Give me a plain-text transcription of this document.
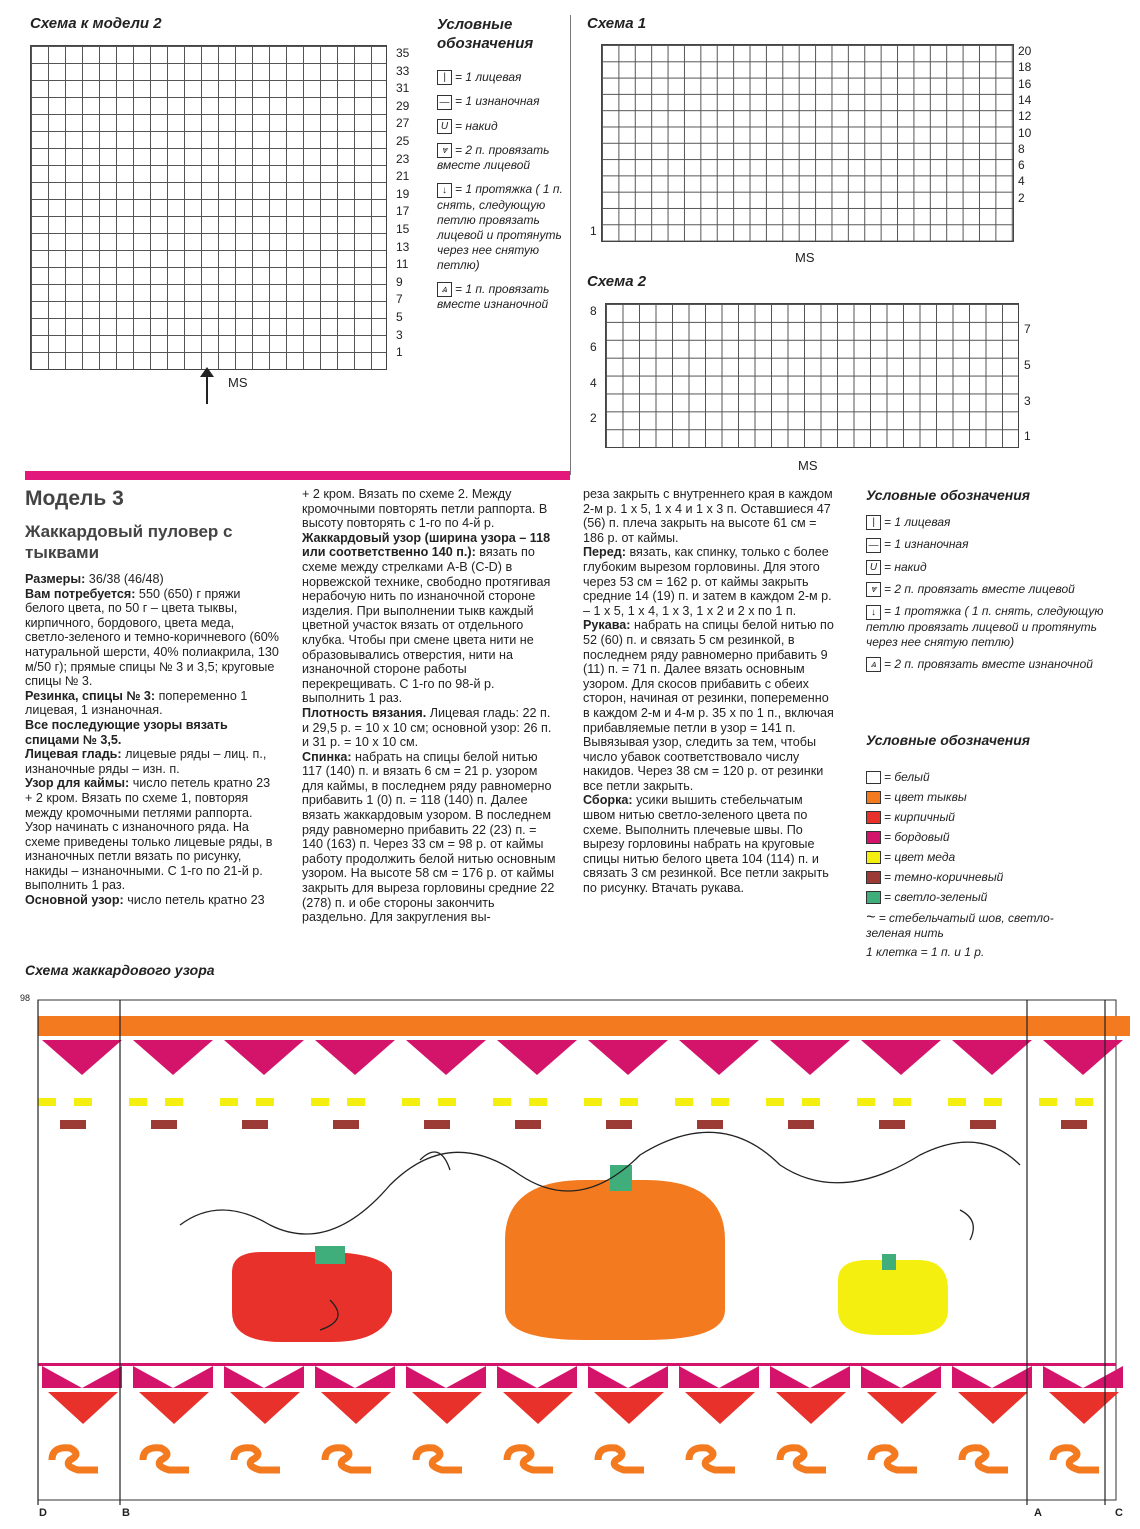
Схема к модели 2
35
33
31
29
27
25
23
21
19
17
15
13
11
9
7
5
3
1
MS
Условные обозначения
| = 1 лицевая
— = 1 изнаночная
U = накид
⩔ = 2 п. провязать вместе лицевой
↓ = 1 протяжка ( 1 п. снять, следующую петлю провязать лицевой и протянуть через нее снятую петлю)
⩓ = 1 п. провязать вместе изнаночной
Схема 1
20
18
16
14
12
10
8
6
4
2
1
MS
Схема 2
8
6
4
2
7
5
3
1
MS
Модель 3
Жаккардовый пуловер с тыквами

Размеры: 36/38 (46/48)

Вам потребуется: 550 (650) г пряжи белого цвета, по 50 г – цвета тыквы, кирпичного, бордового, цвета меда, светло-зеленого и темно-коричневого (60% натуральной шерсти, 40% полиакрила, 130 м/50 г); прямые спицы № 3 и 3,5; круговые спицы № 3.

Резинка, спицы № 3: попеременно 1 лицевая, 1 изнаночная.

Все последующие узоры вязать спицами № 3,5.

Лицевая гладь: лицевые ряды – лиц. п., изнаночные ряды – изн. п.

Узор для каймы: число петель кратно 23 + 2 кром. Вязать по схеме 1, повторяя между кромочными петлями раппорта. Узор начинать с изнаночного ряда. На схеме приведены только лицевые ряды, в изнаночных петли вязать по рисунку, накиды – изнаночными. С 1-го по 21-й р. выполнить 1 раз.

Основной узор: число петель кратно 23

+ 2 кром. Вязать по схеме 2. Между кромочными повторять петли раппорта. В высоту повторять с 1-го по 4-й р.

Жаккардовый узор (ширина узора – 118 или соответственно 140 п.): вязать по схеме между стрелками A-B (C-D) в норвежской технике, свободно протягивая нерабочую нить по изнаночной стороне изделия. При выполнении тыкв каждый цветной участок вязать от отдельного клубка. Чтобы при смене цвета нити не образовывались отверстия, нити на изнаночной стороне работы перекрещивать. С 1-го по 98-й р. выполнить 1 раз.

Плотность вязания. Лицевая гладь: 22 п. и 29,5 р. = 10 x 10 см; основной узор: 26 п. и 31 р. = 10 x 10 см.

Спинка: набрать на спицы белой нитью 117 (140) п. и вязать 6 см = 21 р. узором для каймы, в последнем ряду равномерно прибавить 1 (0) п. = 118 (140) п. Далее вязать жаккардовым узором. В последнем ряду равномерно прибавить 22 (23) п. = 140 (163) п. Через 33 см = 98 р. от каймы работу продолжить белой нитью основным узором. На высоте 58 см = 176 р. от каймы закрыть для выреза горловины средние 22 (278) п. и обе стороны закончить раздельно. Для закругления вы-

реза закрыть с внутреннего края в каждом 2-м р. 1 x 5, 1 x 4 и 1 x 3 п. Оставшиеся 47 (56) п. плеча закрыть на высоте 61 см = 186 р. от каймы.

Перед: вязать, как спинку, только с более глубоким вырезом горловины. Для этого через 53 см = 162 р. от каймы закрыть средние 14 (19) п. и затем в каждом 2-м р. – 1 x 5, 1 x 4, 1 x 3, 1 x 2 и 2 x по 1 п.

Рукава: набрать на спицы белой нитью по 52 (60) п. и связать 5 см резинкой, в последнем ряду равномерно прибавить 9 (11) п. = 71 п. Далее вязать основным узором. Для скосов прибавить с обеих сторон, начиная от резинки, попеременно в каждом 2-м и 4-м р. 35 x по 1 п., включая прибавляемые петли в узор = 141 п. Вывязывая узор, следить за тем, чтобы число убавок соответствовало числу накидов. Через 38 см = 120 р. от резинки все петли закрыть.

Сборка: усики вышить стебельчатым швом нитью светло-зеленого цвета по схеме. Выполнить плечевые швы. По вырезу горловины набрать на круговые спицы нитью белого цвета 104 (114) п. и связать 3 см резинкой. Все петли закрыть по рисунку. Втачать рукава.

Условные обозначения
| = 1 лицевая
— = 1 изнаночная
U = накид
⩔ = 2 п. провязать вместе лицевой
↓ = 1 протяжка ( 1 п. снять, следующую петлю провязать лицевой и протянуть через нее снятую петлю)
⩓ = 2 п. провязать вместе изнаночной
Условные обозначения
= белый
= цвет тыквы
= кирпичный
= бордовый
= цвет меда
= темно-коричневый
= светло-зеленый
~ = стебельчатый шов, светло-зеленая нить
1 клетка = 1 п. и 1 р.
Схема жаккардового узора
98
D	B	A	C
